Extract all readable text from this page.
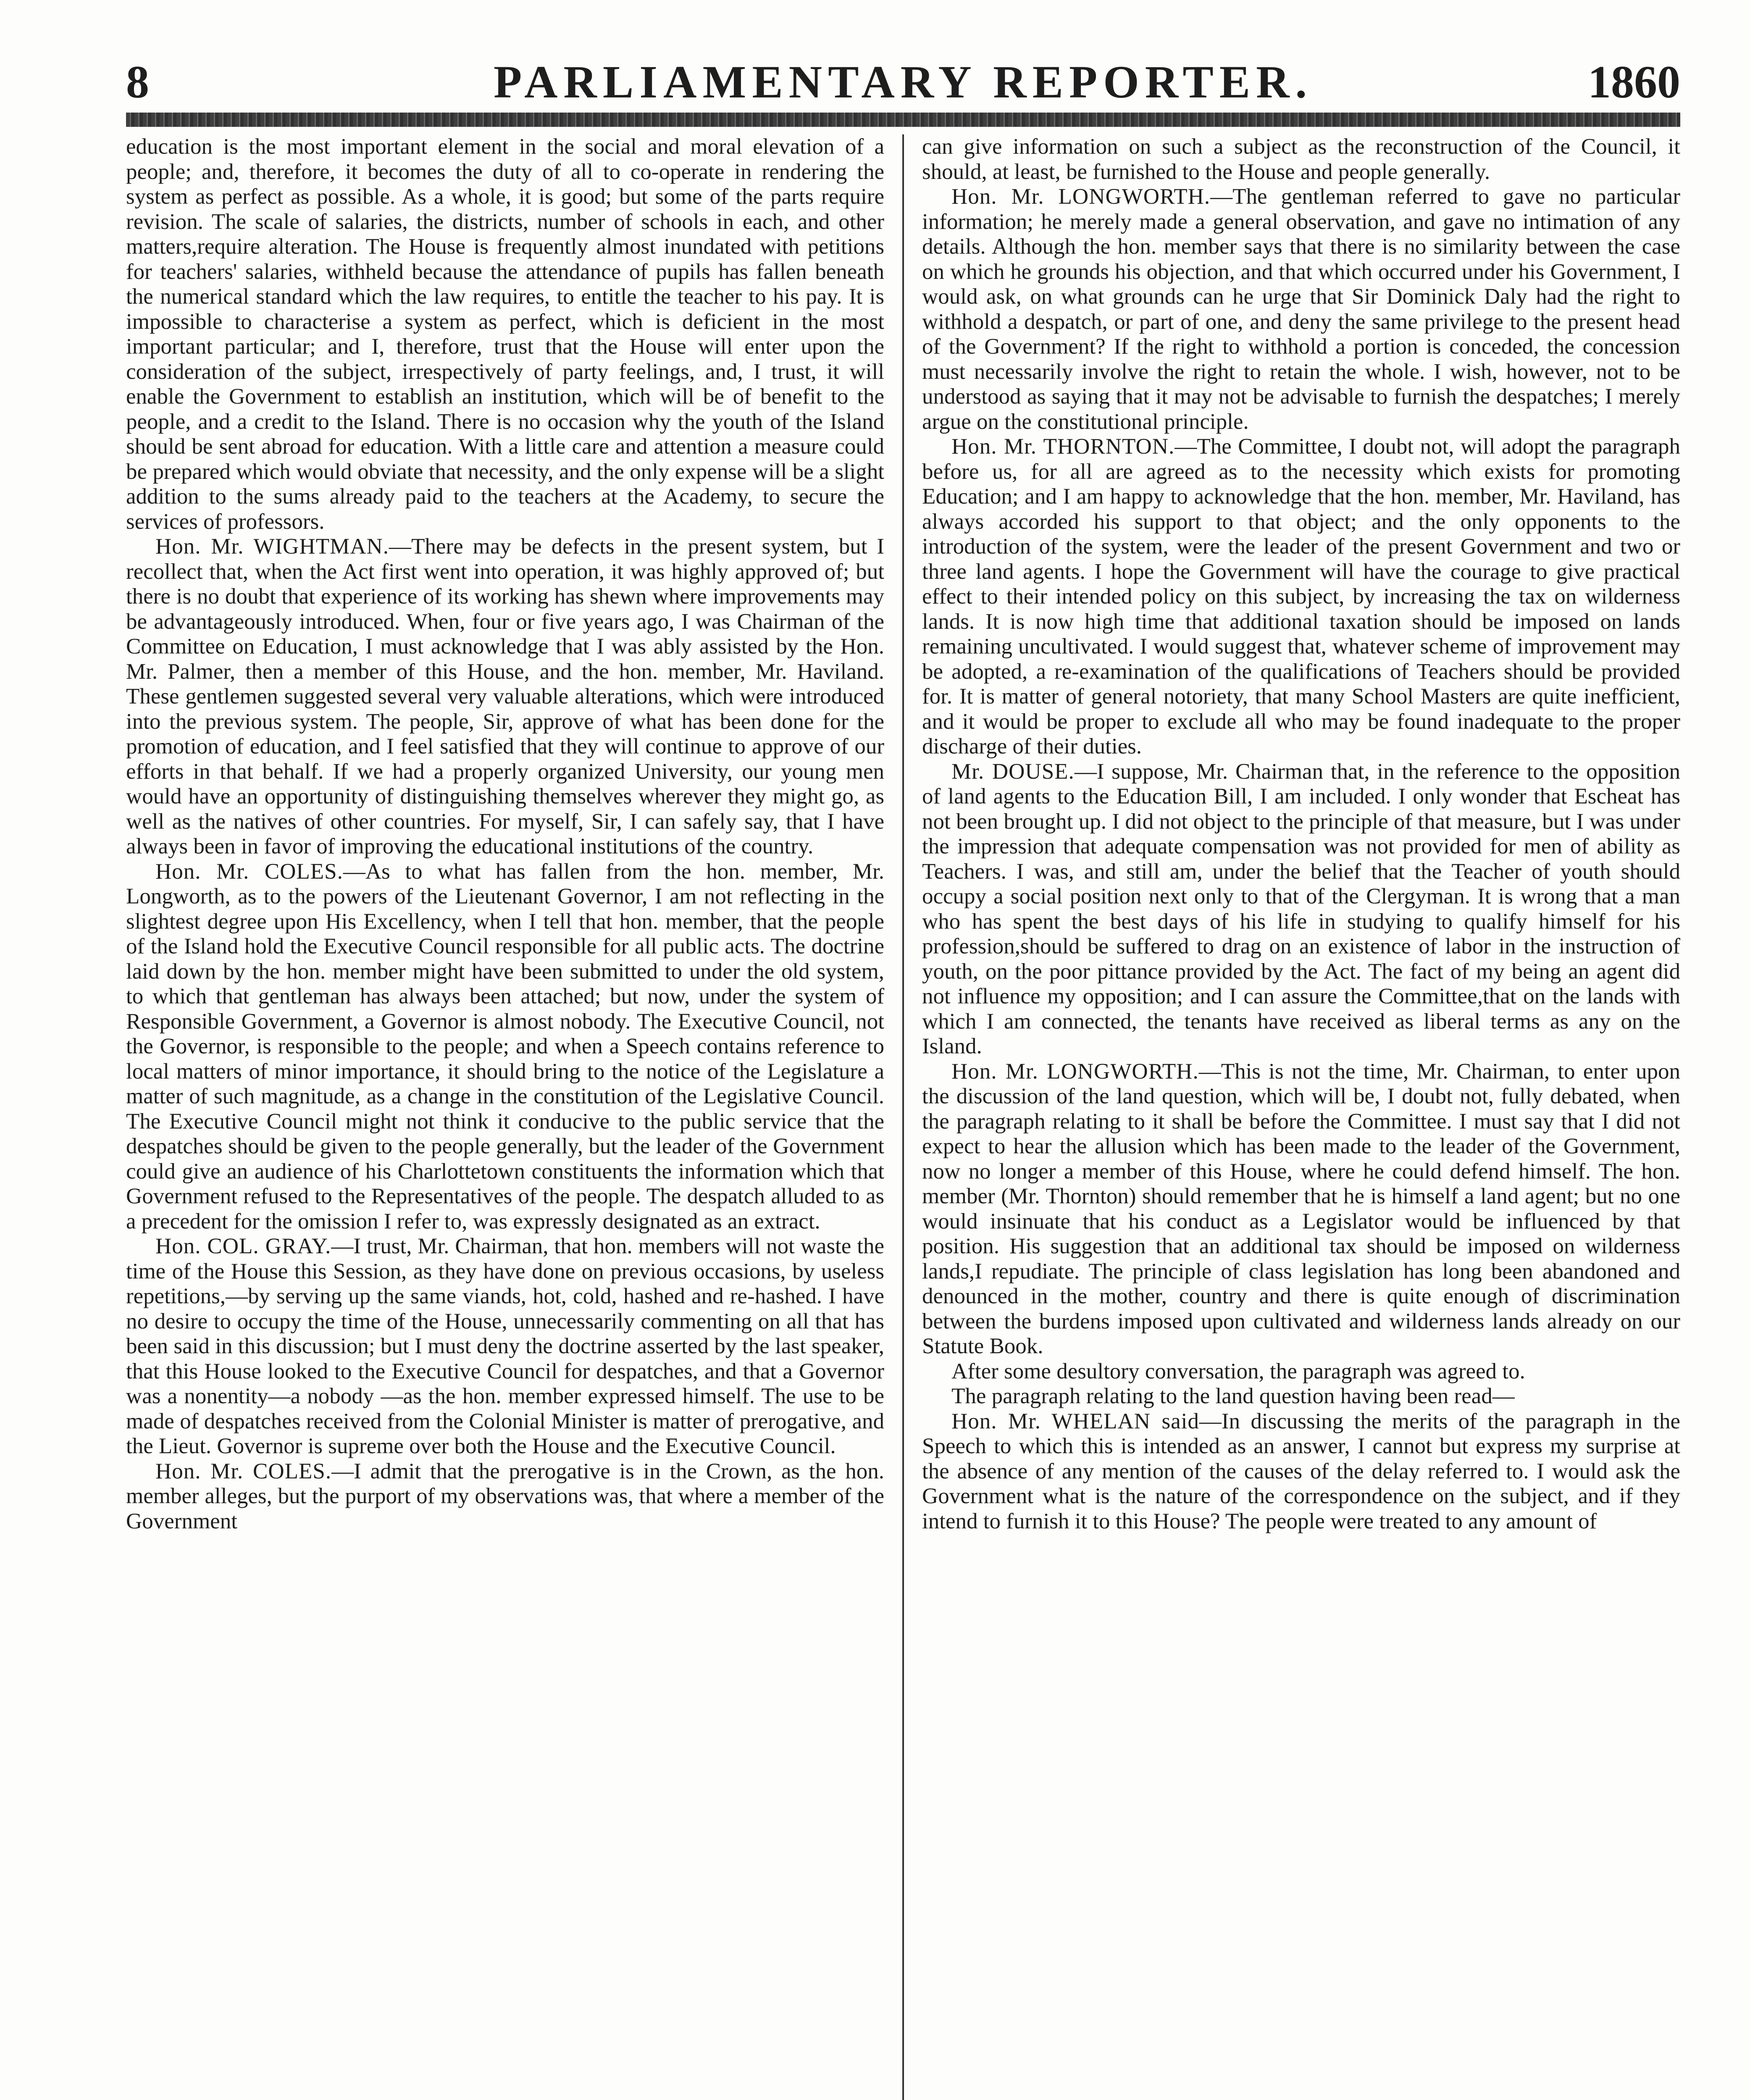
8	PARLIAMENTARY REPORTER.	1860

education is the most important element in the social and moral elevation of a people; and, therefore, it becomes the duty of all to co-operate in rendering the system as perfect as possible. As a whole, it is good; but some of the parts require revision. The scale of salaries, the districts, number of schools in each, and other matters,require alteration. The House is frequently almost inundated with petitions for teachers' salaries, withheld because the attendance of pupils has fallen beneath the numerical standard which the law requires, to entitle the teacher to his pay. It is impossible to characterise a system as perfect, which is deficient in the most important particular; and I, therefore, trust that the House will enter upon the consideration of the subject, irrespectively of party feelings, and, I trust, it will enable the Government to establish an institution, which will be of benefit to the people, and a credit to the Island. There is no occasion why the youth of the Island should be sent abroad for education. With a little care and attention a measure could be prepared which would obviate that necessity, and the only expense will be a slight addition to the sums already paid to the teachers at the Academy, to secure the services of professors.

Hon. Mr. WIGHTMAN.—There may be defects in the present system, but I recollect that, when the Act first went into operation, it was highly approved of; but there is no doubt that experience of its working has shewn where improvements may be advantageously introduced. When, four or five years ago, I was Chairman of the Committee on Education, I must acknowledge that I was ably assisted by the Hon. Mr. Palmer, then a member of this House, and the hon. member, Mr. Haviland. These gentlemen suggested several very valuable alterations, which were introduced into the previous system. The people, Sir, approve of what has been done for the promotion of education, and I feel satisfied that they will continue to approve of our efforts in that behalf. If we had a properly organized University, our young men would have an opportunity of distinguishing themselves wherever they might go, as well as the natives of other countries. For myself, Sir, I can safely say, that I have always been in favor of improving the educational institutions of the country.

Hon. Mr. COLES.—As to what has fallen from the hon. member, Mr. Longworth, as to the powers of the Lieutenant Governor, I am not reflecting in the slightest degree upon His Excellency, when I tell that hon. member, that the people of the Island hold the Executive Council responsible for all public acts. The doctrine laid down by the hon. member might have been submitted to under the old system, to which that gentleman has always been attached; but now, under the system of Responsible Government, a Governor is almost nobody. The Executive Council, not the Governor, is responsible to the people; and when a Speech contains reference to local matters of minor importance, it should bring to the notice of the Legislature a matter of such magnitude, as a change in the constitution of the Legislative Council. The Executive Council might not think it conducive to the public service that the despatches should be given to the people generally, but the leader of the Government could give an audience of his Charlottetown constituents the information which that Government refused to the Representatives of the people. The despatch alluded to as a precedent for the omission I refer to, was expressly designated as an extract.

Hon. COL. GRAY.—I trust, Mr. Chairman, that hon. members will not waste the time of the House this Session, as they have done on previous occasions, by useless repetitions,—by serving up the same viands, hot, cold, hashed and re-hashed. I have no desire to occupy the time of the House, unnecessarily commenting on all that has been said in this discussion; but I must deny the doctrine asserted by the last speaker, that this House looked to the Executive Council for despatches, and that a Governor was a nonentity—a nobody —as the hon. member expressed himself. The use to be made of despatches received from the Colonial Minister is matter of prerogative, and the Lieut. Governor is supreme over both the House and the Executive Council.

Hon. Mr. COLES.—I admit that the prerogative is in the Crown, as the hon. member alleges, but the purport of my observations was, that where a member of the Government

can give information on such a subject as the reconstruction of the Council, it should, at least, be furnished to the House and people generally.

Hon. Mr. LONGWORTH.—The gentleman referred to gave no particular information; he merely made a general observation, and gave no intimation of any details. Although the hon. member says that there is no similarity between the case on which he grounds his objection, and that which occurred under his Government, I would ask, on what grounds can he urge that Sir Dominick Daly had the right to withhold a despatch, or part of one, and deny the same privilege to the present head of the Government? If the right to withhold a portion is conceded, the concession must necessarily involve the right to retain the whole. I wish, however, not to be understood as saying that it may not be advisable to furnish the despatches; I merely argue on the constitutional principle.

Hon. Mr. THORNTON.—The Committee, I doubt not, will adopt the paragraph before us, for all are agreed as to the necessity which exists for promoting Education; and I am happy to acknowledge that the hon. member, Mr. Haviland, has always accorded his support to that object; and the only opponents to the introduction of the system, were the leader of the present Government and two or three land agents. I hope the Government will have the courage to give practical effect to their intended policy on this subject, by increasing the tax on wilderness lands. It is now high time that additional taxation should be imposed on lands remaining uncultivated. I would suggest that, whatever scheme of improvement may be adopted, a re-examination of the qualifications of Teachers should be provided for. It is matter of general notoriety, that many School Masters are quite inefficient, and it would be proper to exclude all who may be found inadequate to the proper discharge of their duties.

Mr. DOUSE.—I suppose, Mr. Chairman that, in the reference to the opposition of land agents to the Education Bill, I am included. I only wonder that Escheat has not been brought up. I did not object to the principle of that measure, but I was under the impression that adequate compensation was not provided for men of ability as Teachers. I was, and still am, under the belief that the Teacher of youth should occupy a social position next only to that of the Clergyman. It is wrong that a man who has spent the best days of his life in studying to qualify himself for his profession,should be suffered to drag on an existence of labor in the instruction of youth, on the poor pittance provided by the Act. The fact of my being an agent did not influence my opposition; and I can assure the Committee,that on the lands with which I am connected, the tenants have received as liberal terms as any on the Island.

Hon. Mr. LONGWORTH.—This is not the time, Mr. Chairman, to enter upon the discussion of the land question, which will be, I doubt not, fully debated, when the paragraph relating to it shall be before the Committee. I must say that I did not expect to hear the allusion which has been made to the leader of the Government, now no longer a member of this House, where he could defend himself. The hon. member (Mr. Thornton) should remember that he is himself a land agent; but no one would insinuate that his conduct as a Legislator would be influenced by that position. His suggestion that an additional tax should be imposed on wilderness lands,I repudiate. The principle of class legislation has long been abandoned and denounced in the mother, country and there is quite enough of discrimination between the burdens imposed upon cultivated and wilderness lands already on our Statute Book.

After some desultory conversation, the paragraph was agreed to.

The paragraph relating to the land question having been read—

Hon. Mr. WHELAN said—In discussing the merits of the paragraph in the Speech to which this is intended as an answer, I cannot but express my surprise at the absence of any mention of the causes of the delay referred to. I would ask the Government what is the nature of the correspondence on the subject, and if they intend to furnish it to this House? The people were treated to any amount of
